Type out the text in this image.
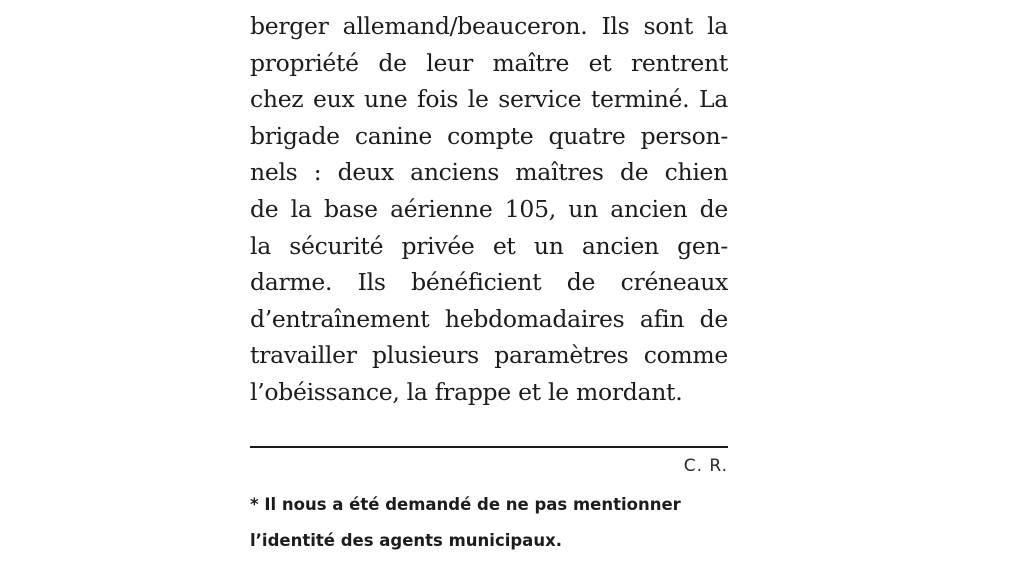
berger allemand/beauceron. Ils sont la
propriété de leur maître et rentrent
chez eux une fois le service terminé. La
brigade canine compte quatre person-
nels : deux anciens maîtres de chien
de la base aérienne 105, un ancien de
la sécurité privée et un ancien gen-
darme. Ils bénéficient de créneaux
d’entraînement hebdomadaires afin de
travailler plusieurs paramètres comme
l’obéissance, la frappe et le mordant.

C. R.
* Il nous a été demandé de ne pas mentionner
l’identité des agents municipaux.
